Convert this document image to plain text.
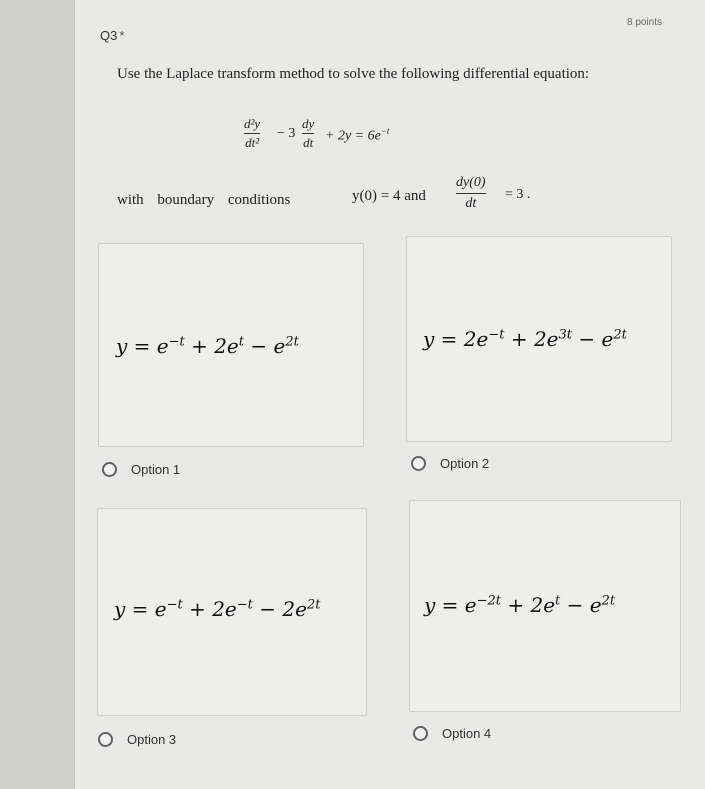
Q3 *
8 points
Use the Laplace transform method to solve the following differential equation:
d²y
dt²
− 3
dy
dt + $2y = 6e^{-t}$
with boundary conditions	y(0) = 4 and
dy(0)
dt
= 3 .
$y = e^{-t} + 2e^t - e^{2t}$
Option 1
$y = 2e^{-t} + 2e^{3t} - e^{2t}$
Option 2
$y = e^{-t} + 2e^{-t} - 2e^{2t}$
Option 3
$y = e^{-2t} + 2e^t - e^{2t}$
Option 4
